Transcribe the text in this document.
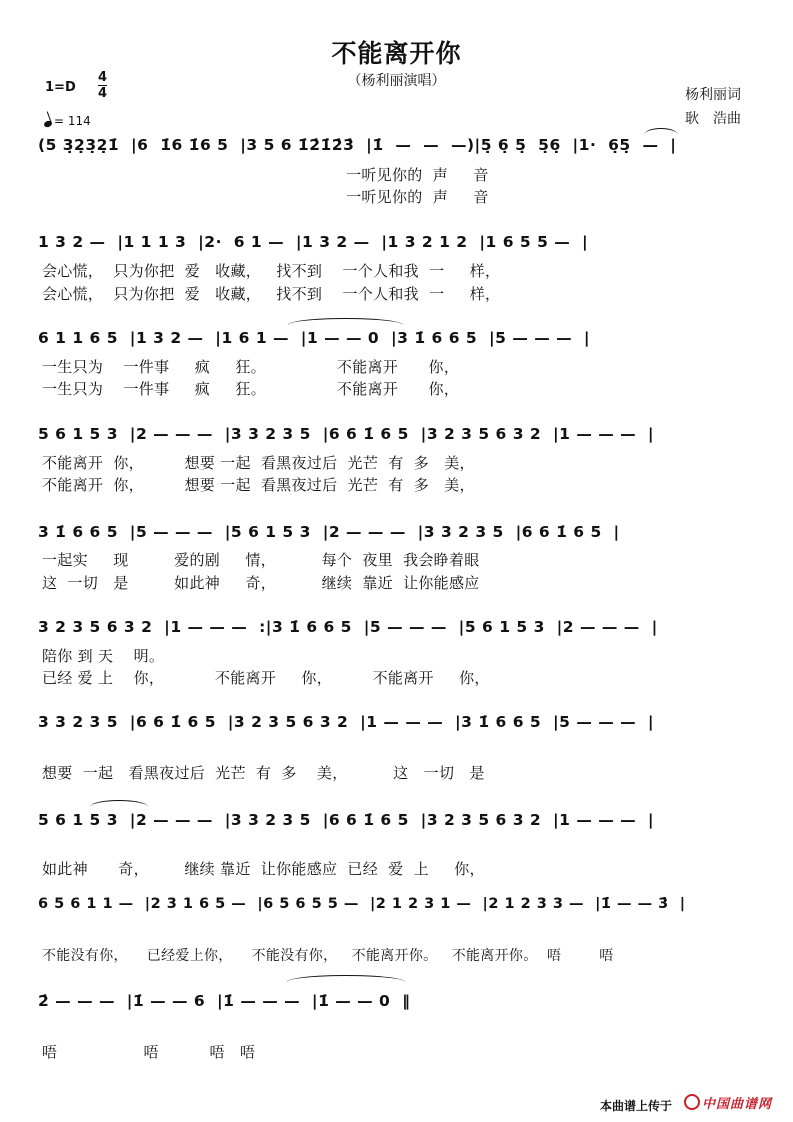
不能离开你
（杨利丽演唱）
1=D
4
4	杨利丽词
耿　浩曲
= 114
(5 3̣2̣3̣2̣1̇  |6  1̇6 1̇6 5  |3 5 6 1̇2̇1̇2̇3̇  |1̇  —  —  —)|5̣ 6̣ 5̣  5̣6̣  |1·  6̣5̣  —  |
一听见你的  声     音
一听见你的  声     音
1 3 2 —  |1 1 1 3  |2·  6 1 —  |1 3 2 —  |1 3 2 1 2  |1 6 5 5 —  |
会心慌，  只为你把  爱   收藏，   找不到    一个人和我  一     样，
会心慌，  只为你把  爱   收藏，   找不到    一个人和我  一     样，
6 1 1 6 5  |1 3 2 —  |1 6 1 —  |1 — — 0  |3 1̇ 6 6 5  |5 — — —  |
一生只为    一件事     疯     狂。              不能离开      你，
一生只为    一件事     疯     狂。              不能离开      你，
5 6 1 5 3  |2 — — —  |3 3 2 3 5  |6 6 1̇ 6 5  |3 2 3 5 6 3 2  |1 — — —  |
不能离开  你，        想要 一起  看黑夜过后  光芒  有  多   美，
不能离开  你，        想要 一起  看黑夜过后  光芒  有  多   美，
3 1̇ 6 6 5  |5 — — —  |5 6 1 5 3  |2 — — —  |3 3 2 3 5  |6 6 1̇ 6 5  |
一起实     现         爱的剧     情，         每个  夜里  我会睁着眼
这  一切   是         如此神     奇，         继续  靠近  让你能感应
3 2 3 5 6 3 2  |1 — — —  :|3 1̇ 6 6 5  |5 — — —  |5 6 1 5 3  |2 — — —  |
陪你 到 天    明。
已经 爱 上    你，          不能离开     你，        不能离开     你，
3 3 2 3 5  |6 6 1̇ 6 5  |3 2 3 5 6 3 2  |1 — — —  |3 1̇ 6 6 5  |5 — — —  |
想要  一起   看黑夜过后  光芒  有  多    美，         这   一切   是
5 6 1 5 3  |2 — — —  |3 3 2 3 5  |6 6 1̇ 6 5  |3 2 3 5 6 3 2  |1 — — —  |
如此神      奇，       继续 靠近  让你能感应  已经  爱  上     你，
6 5 6 1 1 —  |2 3 1 6 5 —  |6 5 6 5 5 —  |2 1 2 3 1 —  |2 1 2 3 3 —  |1̇ — — 3̇  |
不能没有你，    已经爱上你，    不能没有你，   不能离开你。   不能离开你。  唔        唔
2̇ — — —  |1̇ — — 6  |1̇ — — —  |1̇ — — 0  ‖
唔                 唔          唔   唔
本曲谱上传于 中国曲谱网
